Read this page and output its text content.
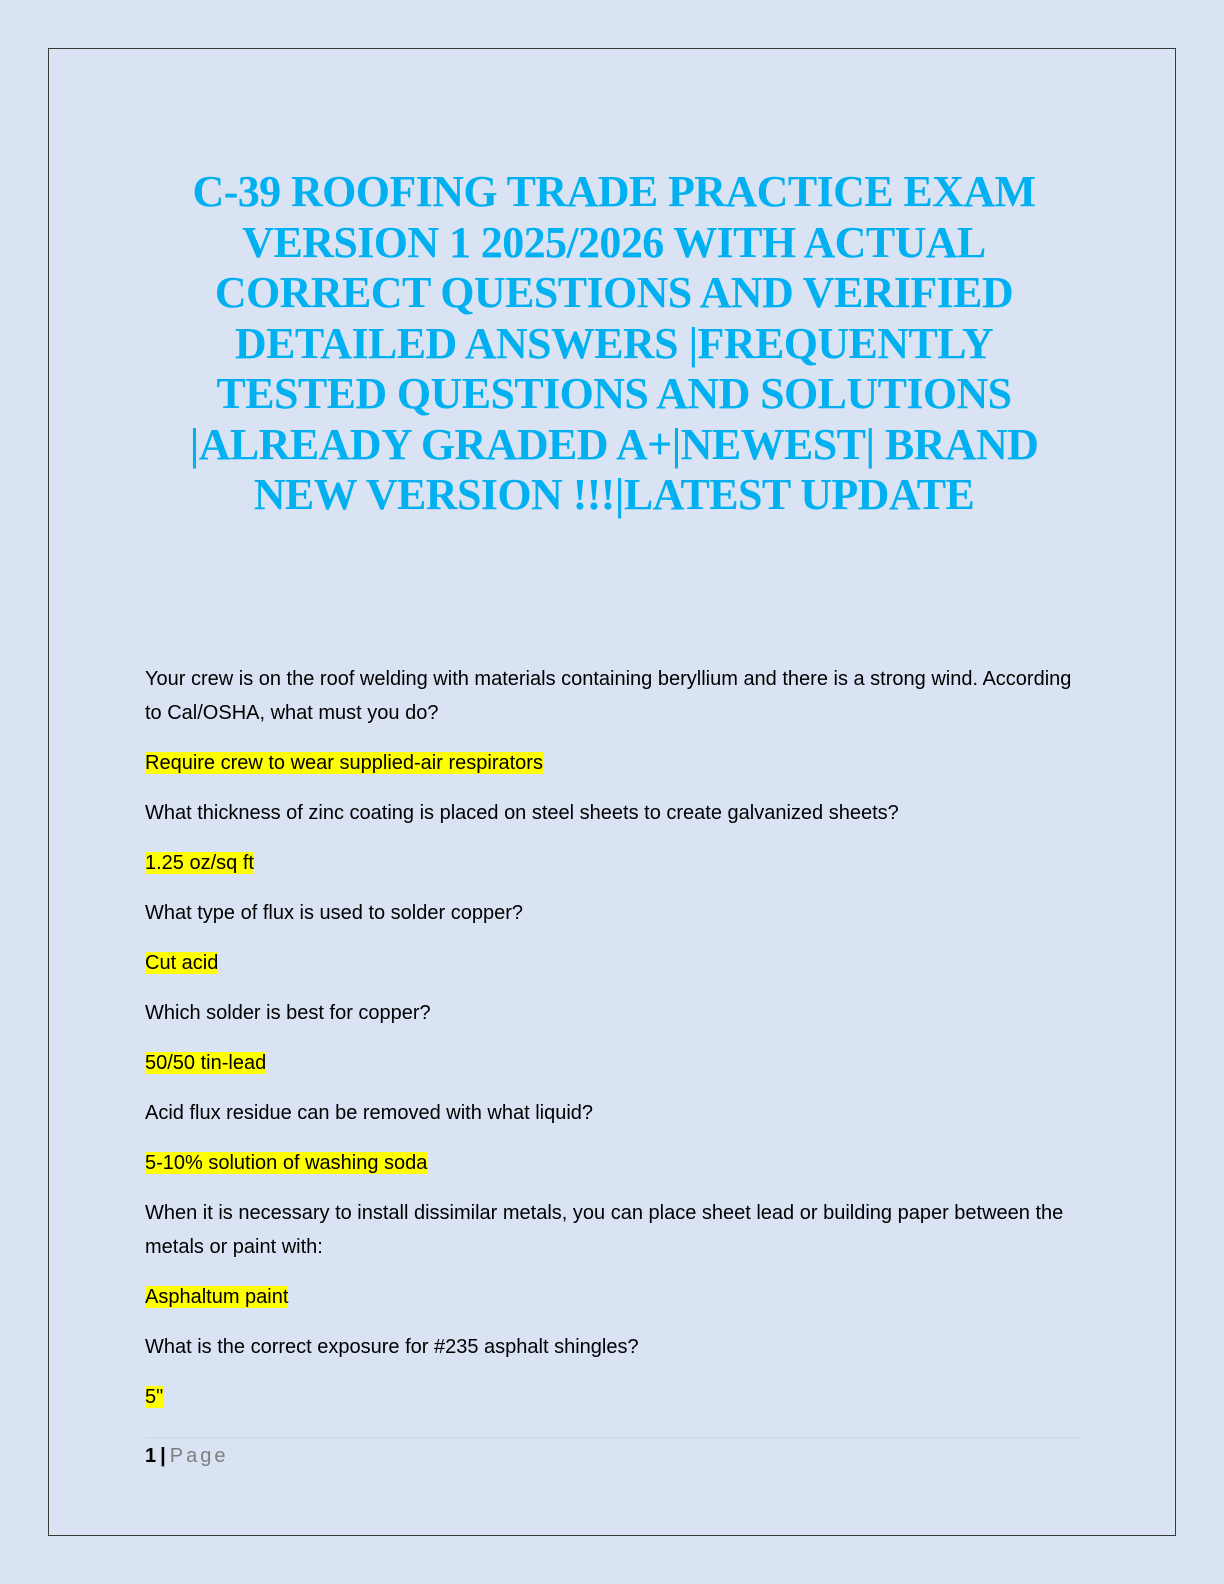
C-39 ROOFING TRADE PRACTICE EXAM VERSION 1 2025/2026 WITH ACTUAL CORRECT QUESTIONS AND VERIFIED DETAILED ANSWERS |FREQUENTLY TESTED QUESTIONS AND SOLUTIONS |ALREADY GRADED A+|NEWEST| BRAND NEW VERSION !!!|LATEST UPDATE

Your crew is on the roof welding with materials containing beryllium and there is a strong wind. According to Cal/OSHA, what must you do?

Require crew to wear supplied-air respirators

What thickness of zinc coating is placed on steel sheets to create galvanized sheets?

1.25 oz/sq ft

What type of flux is used to solder copper?

Cut acid

Which solder is best for copper?

50/50 tin-lead

Acid flux residue can be removed with what liquid?

5-10% solution of washing soda

When it is necessary to install dissimilar metals, you can place sheet lead or building paper between the metals or paint with:

Asphaltum paint

What is the correct exposure for #235 asphalt shingles?

5"

1 | Page
